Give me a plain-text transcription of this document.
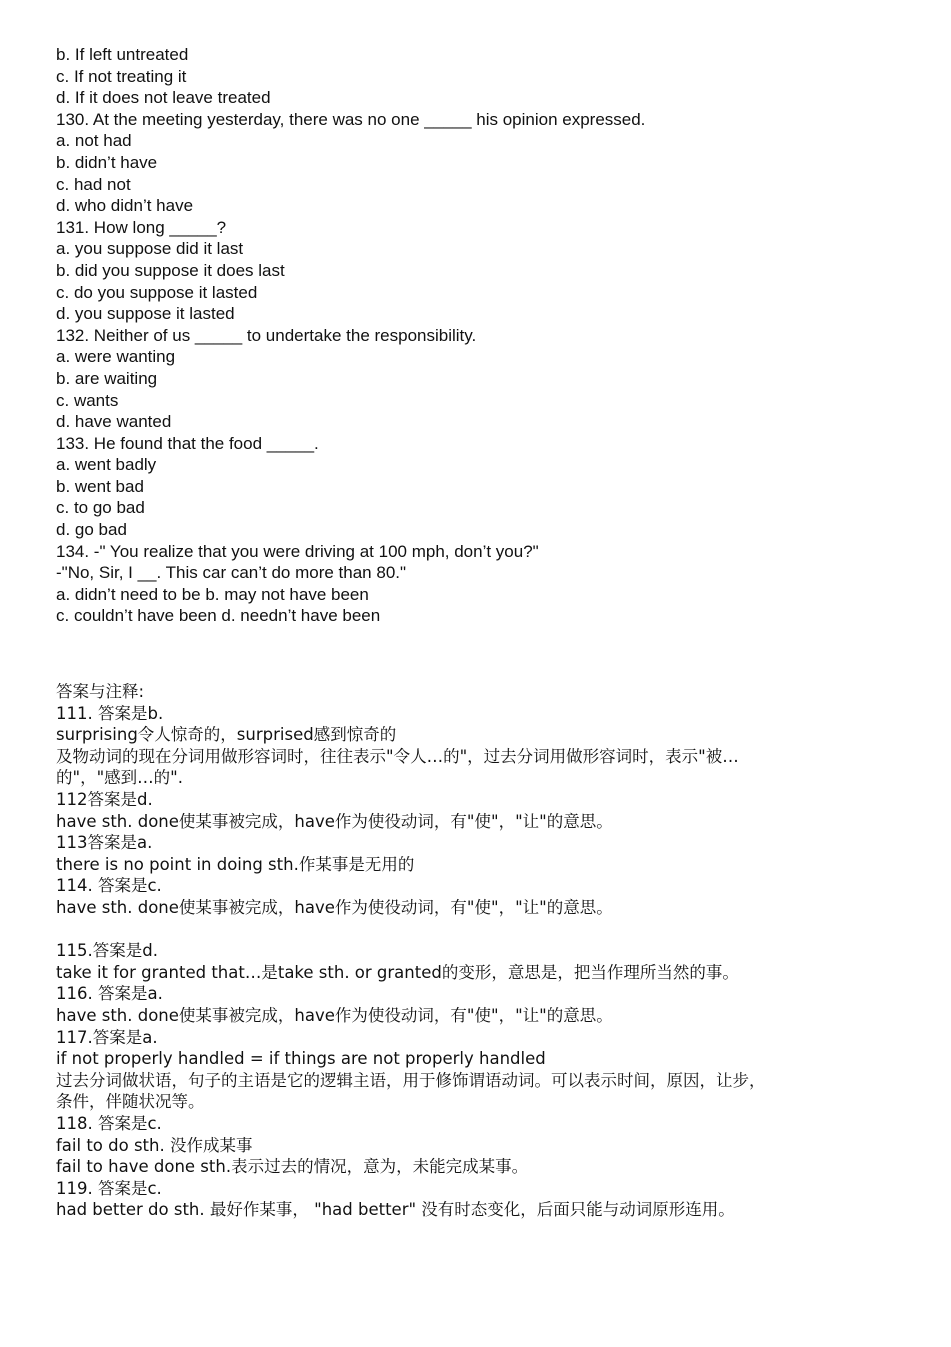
b. If left untreated
c. If not treating it
d. If it does not leave treated
130. At the meeting yesterday, there was no one _____ his opinion expressed.
a. not had
b. didn’t have
c. had not
d. who didn’t have
131. How long _____?
a. you suppose did it last
b. did you suppose it does last
c. do you suppose it lasted
d. you suppose it lasted
132. Neither of us _____ to undertake the responsibility.
a. were wanting
b. are waiting
c. wants
d. have wanted
133. He found that the food _____.
a. went badly
b. went bad
c. to go bad
d. go bad
134. -" You realize that you were driving at 100 mph, don’t you?"
-"No, Sir, I __. This car can’t do more than 80."
a. didn’t need to be b. may not have been
c. couldn’t have been d. needn’t have been
答案与注释:
111. 答案是b.
surprising令人惊奇的，surprised感到惊奇的
及物动词的现在分词用做形容词时，往往表示"令人…的"，过去分词用做形容词时，表示"被…
的"，"感到…的".
112答案是d.
have sth. done使某事被完成，have作为使役动词，有"使"，"让"的意思。
113答案是a.
there is no point in doing sth.作某事是无用的
114. 答案是c.
have sth. done使某事被完成，have作为使役动词，有"使"，"让"的意思。
115.答案是d.
take it for granted that…是take sth. or granted的变形，意思是，把当作理所当然的事。
116. 答案是a.
have sth. done使某事被完成，have作为使役动词，有"使"，"让"的意思。
117.答案是a.
if not properly handled = if things are not properly handled
过去分词做状语，句子的主语是它的逻辑主语，用于修饰谓语动词。可以表示时间，原因，让步，
条件，伴随状况等。
118. 答案是c.
fail to do sth. 没作成某事
fail to have done sth.表示过去的情况，意为，未能完成某事。
119. 答案是c.
had better do sth. 最好作某事， "had better" 没有时态变化，后面只能与动词原形连用。
